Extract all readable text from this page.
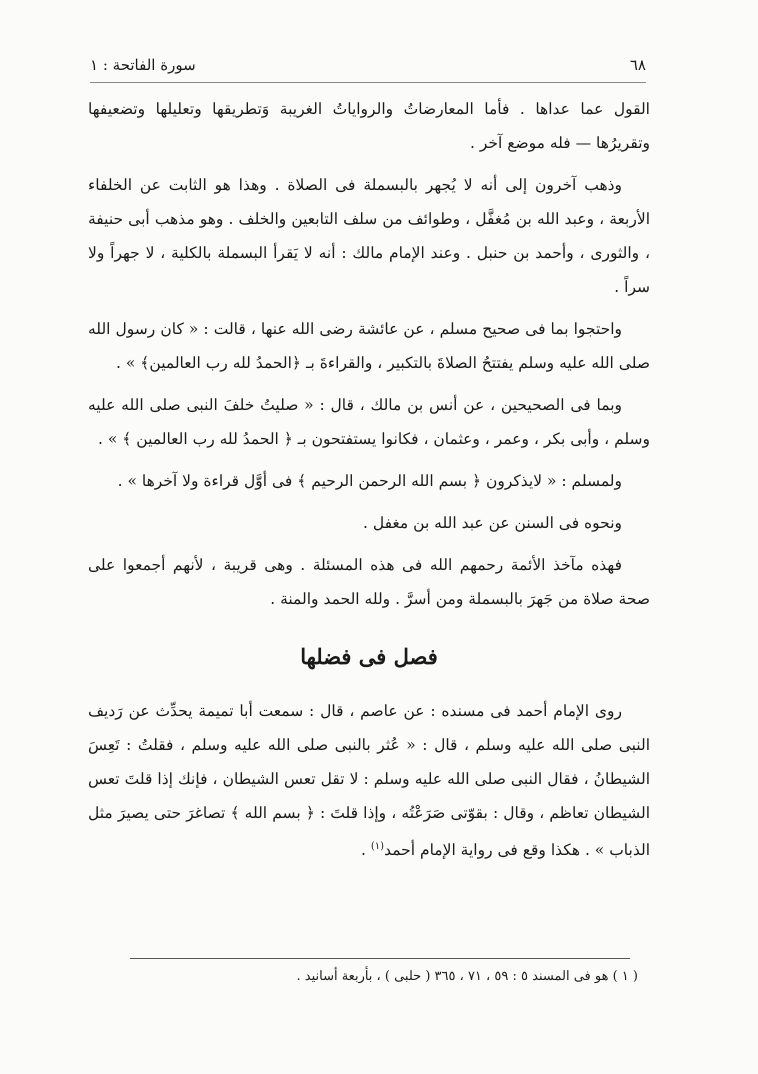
٦٨
سورة الفاتحة : ١

القول عما عداها . فأما المعارضاتُ والرواياتُ الغريبة وَتطريقها وتعليلها وتضعيفها وتقريرُها — فله موضع آخر .

وذهب آخرون إلى أنه لا يُجهر بالبسملة فى الصلاة . وهذا هو الثابت عن الخلفاء الأربعة ، وعبد الله بن مُغفَّل ، وطوائف من سلف التابعين والخلف . وهو مذهب أبى حنيفة ، والثورى ، وأحمد بن حنبل . وعند الإمام مالك : أنه لا يَقرأ البسملة بالكلية ، لا جهراً ولا سراً .

واحتجوا بما فى صحيح مسلم ، عن عائشة رضى الله عنها ، قالت : « كان رسول الله صلى الله عليه وسلم يفتتحُ الصلاةَ بالتكبير ، والقراءةَ بـ ﴿الحمدُ لله رب العالمين﴾ » .

وبما فى الصحيحين ، عن أنس بن مالك ، قال : « صليتُ خلفَ النبى صلى الله عليه وسلم ، وأبى بكر ، وعمر ، وعثمان ، فكانوا يستفتحون بـ ﴿ الحمدُ لله رب العالمين ﴾ » .

ولمسلم : « لايذكرون ﴿ بسم الله الرحمن الرحيم ﴾ فى أوَّل قراءة ولا آخرها » .

ونحوه فى السنن عن عبد الله بن مغفل .

فهذه مآخذ الأئمة رحمهم الله فى هذه المسئلة . وهى قريبة ، لأنهم أجمعوا على صحة صلاة من جَهرَ بالبسملة ومن أسرَّ . ولله الحمد والمنة .

فصل فى فضلها

روى الإمام أحمد فى مسنده : عن عاصم ، قال : سمعت أبا تميمة يحدِّث عن رَديف النبى صلى الله عليه وسلم ، قال : « عُثر بالنبى صلى الله عليه وسلم ، فقلتُ : تَعِسَ الشيطانُ ، فقال النبى صلى الله عليه وسلم : لا تقل تعس الشيطان ، فإنك إذا قلتَ تعس الشيطان تعاظم ، وقال : بقوّتى صَرَعْتُه ، وإذا قلتَ : ﴿ بسم الله ﴾ تصاغرَ حتى يصيرَ مثل الذباب » . هكذا وقع فى رواية الإمام أحمد$^{(١)}$ .

( ١ ) هو فى المسند ٥ : ٥٩ ، ٧١ ، ٣٦٥ ( حلبى ) ، بأربعة أسانيد .
